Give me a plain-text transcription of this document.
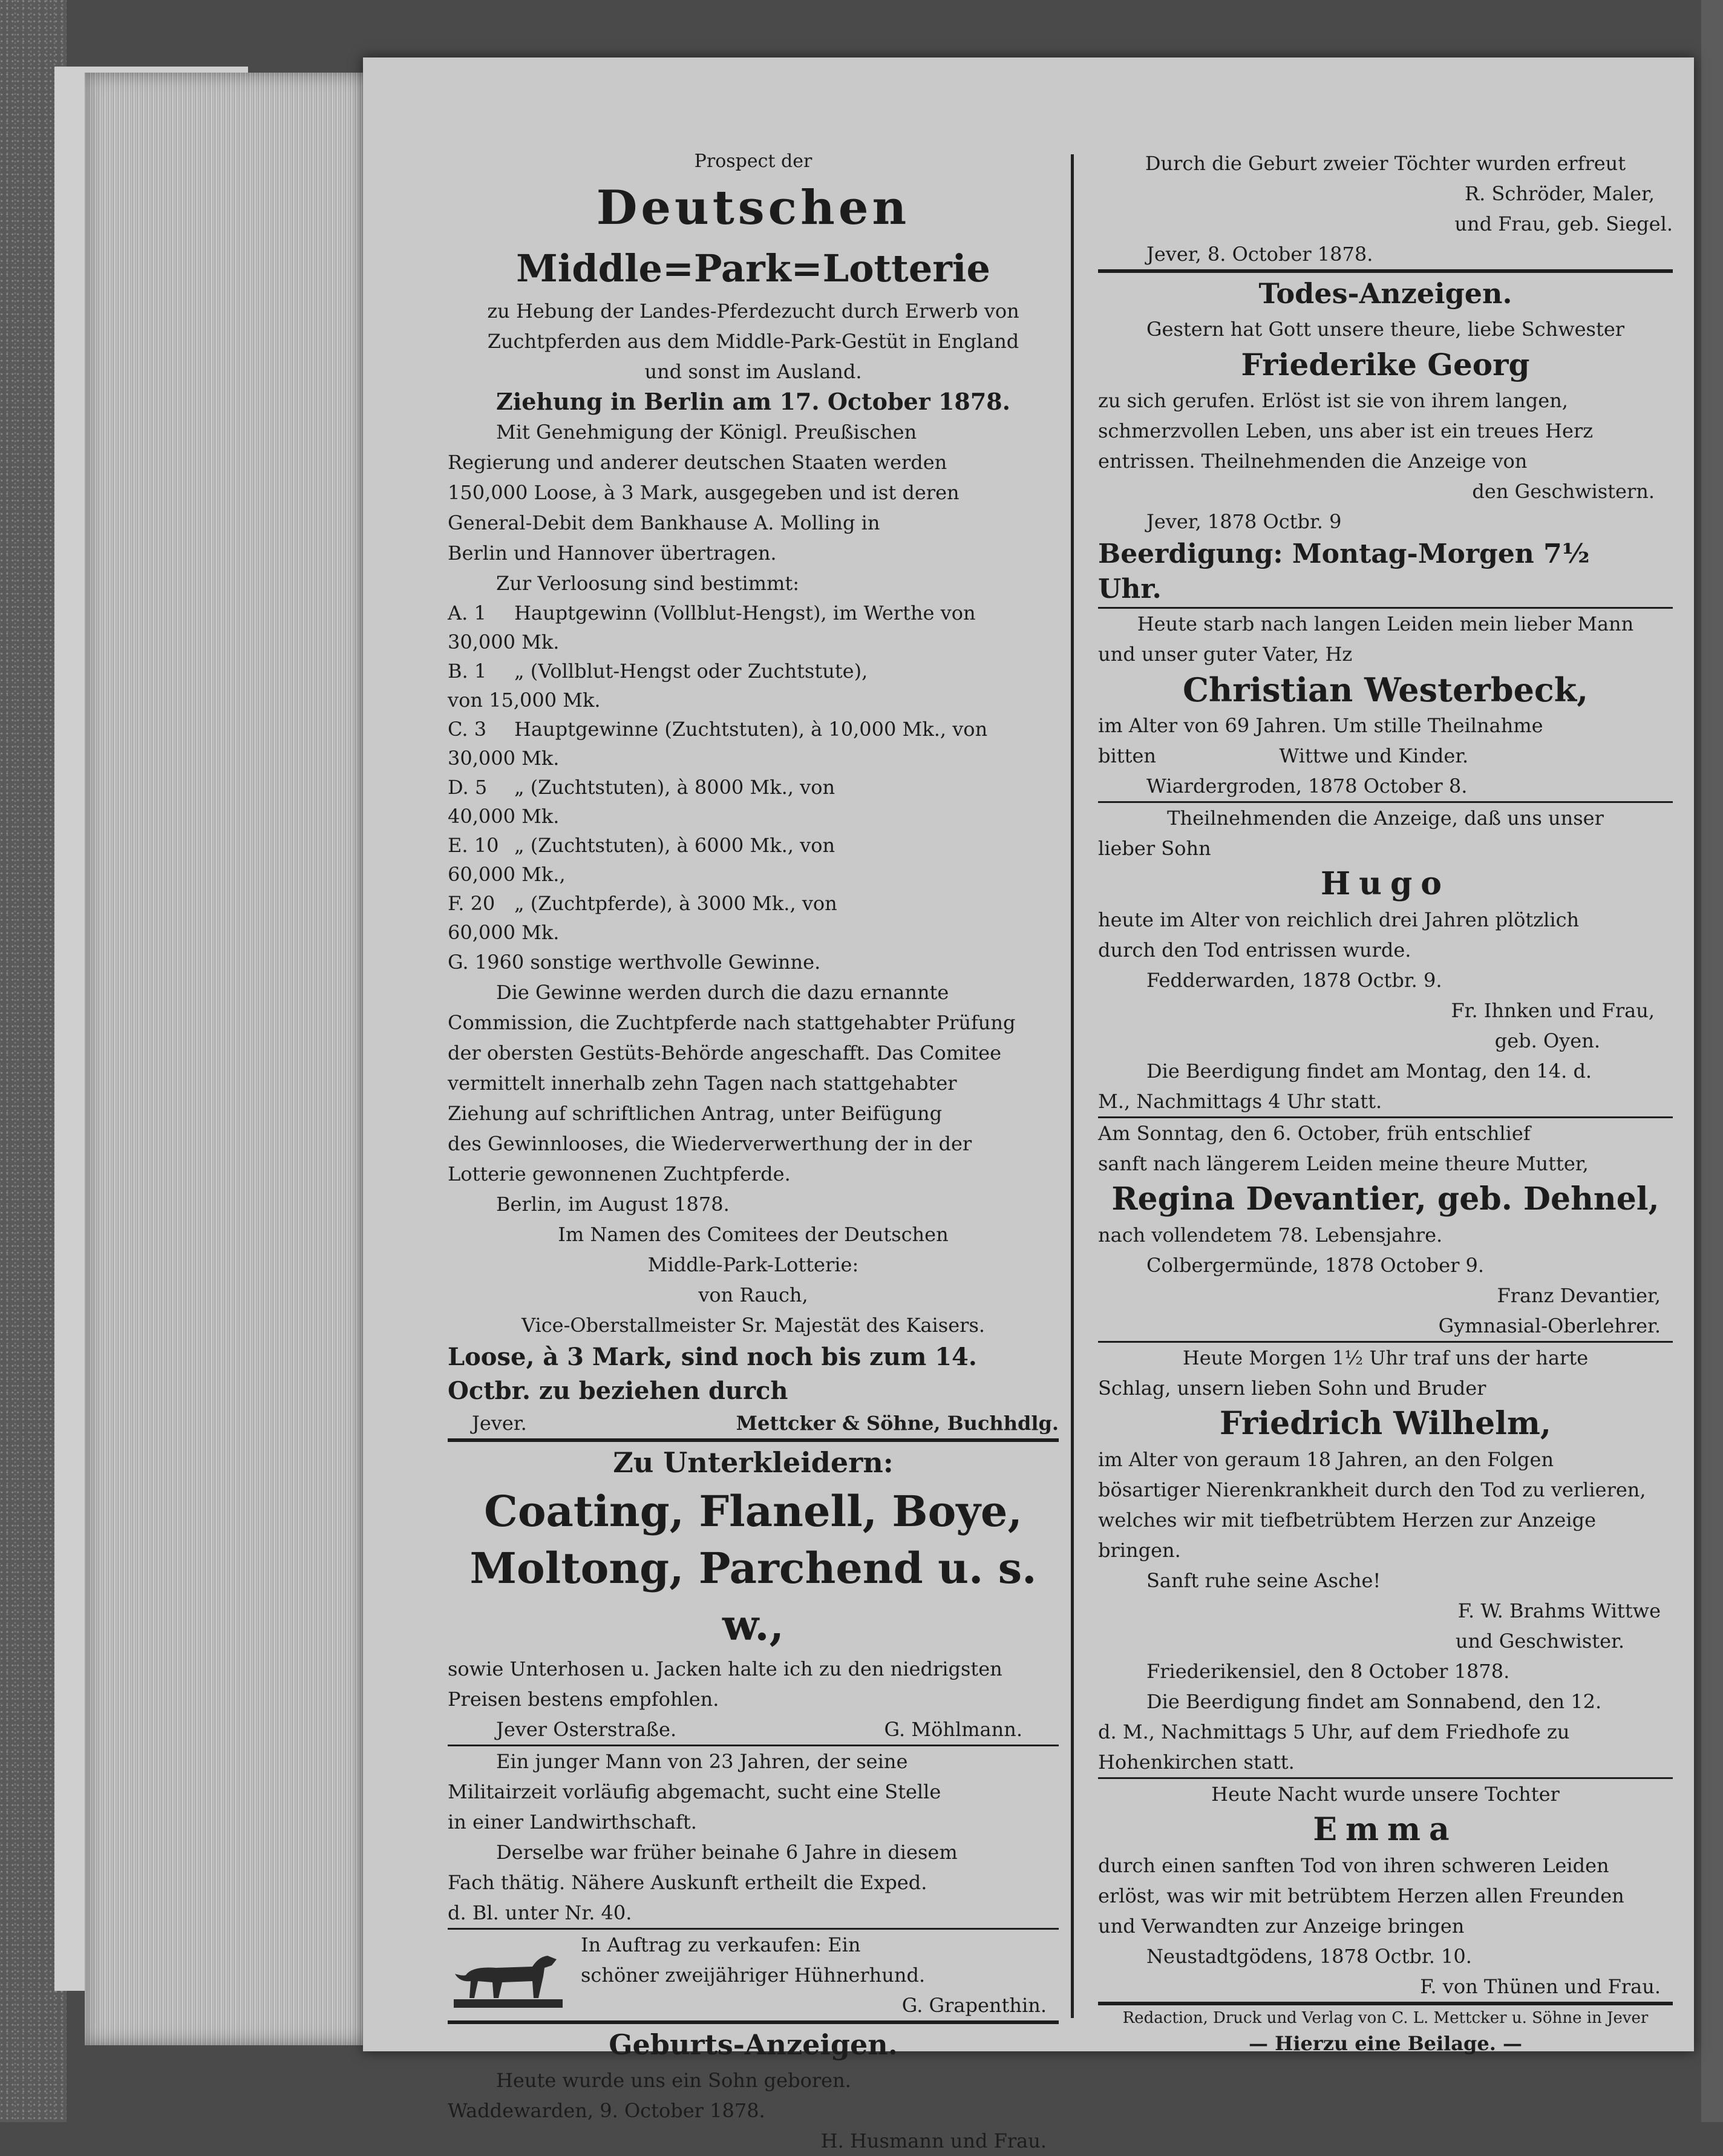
Prospect der
Deutschen
Middle=Park=Lotterie
zu Hebung der Landes-Pferdezucht durch Erwerb von
Zuchtpferden aus dem Middle-Park-Gestüt in England
und sonst im Ausland.
Ziehung in Berlin am 17. October 1878.
Mit Genehmigung der Königl. Preußischen
Regierung und anderer deutschen Staaten werden
150,000 Loose, à 3 Mark, ausgegeben und ist deren
General-Debit dem Bankhause A. Molling in
Berlin und Hannover übertragen.
Zur Verloosung sind bestimmt:
A. 1	Hauptgewinn (Vollblut-Hengst), im Werthe von
30,000 Mk.
B. 1	„ (Vollblut-Hengst oder Zuchtstute),
von 15,000 Mk.
C. 3	Hauptgewinne (Zuchtstuten), à 10,000 Mk., von
30,000 Mk.
D. 5	„ (Zuchtstuten), à 8000 Mk., von
40,000 Mk.
E. 10 „ (Zuchtstuten), à 6000 Mk., von
60,000 Mk.,
F. 20 „ (Zuchtpferde), à 3000 Mk., von
60,000 Mk.
G. 1960 sonstige werthvolle Gewinne.
Die Gewinne werden durch die dazu ernannte
Commission, die Zuchtpferde nach stattgehabter Prüfung
der obersten Gestüts-Behörde angeschafft. Das Comitee
vermittelt innerhalb zehn Tagen nach stattgehabter
Ziehung auf schriftlichen Antrag, unter Beifügung
des Gewinnlooses, die Wiederverwerthung der in der
Lotterie gewonnenen Zuchtpferde.
Berlin, im August 1878.
Im Namen des Comitees der Deutschen
Middle-Park-Lotterie:
von Rauch,
Vice-Oberstallmeister Sr. Majestät des Kaisers.
Loose, à 3 Mark, sind noch bis zum 14.
Octbr. zu beziehen durch
Jever.	Mettcker & Söhne, Buchhdlg.
Zu Unterkleidern:
Coating, Flanell, Boye,
Moltong, Parchend u. s. w.,
sowie Unterhosen u. Jacken halte ich zu den niedrigsten
Preisen bestens empfohlen.
Jever Osterstraße.	G. Möhlmann.
Ein junger Mann von 23 Jahren, der seine
Militairzeit vorläufig abgemacht, sucht eine Stelle
in einer Landwirthschaft.
Derselbe war früher beinahe 6 Jahre in diesem
Fach thätig. Nähere Auskunft ertheilt die Exped.
d. Bl. unter Nr. 40.
In Auftrag zu verkaufen: Ein
schöner zweijähriger Hühnerhund.
G. Grapenthin.
Geburts-Anzeigen.
Heute wurde uns ein Sohn geboren.
Waddewarden, 9. October 1878.
H. Husmann und Frau.
Durch die Geburt zweier Töchter wurden erfreut
R. Schröder, Maler,
und Frau, geb. Siegel.
Jever, 8. October 1878.
Todes-Anzeigen.
Gestern hat Gott unsere theure, liebe Schwester
Friederike Georg
zu sich gerufen. Erlöst ist sie von ihrem langen,
schmerzvollen Leben, uns aber ist ein treues Herz
entrissen. Theilnehmenden die Anzeige von
den Geschwistern.
Jever, 1878 Octbr. 9
Beerdigung: Montag-Morgen 7½
Uhr.
Heute starb nach langen Leiden mein lieber Mann
und unser guter Vater, Hz
Christian Westerbeck,
im Alter von 69 Jahren. Um stille Theilnahme
bitten                    Wittwe und Kinder.
Wiardergroden, 1878 October 8.
Theilnehmenden die Anzeige, daß uns unser
lieber Sohn
Hugo
heute im Alter von reichlich drei Jahren plötzlich
durch den Tod entrissen wurde.
Fedderwarden, 1878 Octbr. 9.
Fr. Ihnken und Frau,
geb. Oyen.
Die Beerdigung findet am Montag, den 14. d.
M., Nachmittags 4 Uhr statt.
Am Sonntag, den 6. October, früh entschlief
sanft nach längerem Leiden meine theure Mutter,
Regina Devantier, geb. Dehnel,
nach vollendetem 78. Lebensjahre.
Colbergermünde, 1878 October 9.
Franz Devantier,
Gymnasial-Oberlehrer.
Heute Morgen 1½ Uhr traf uns der harte
Schlag, unsern lieben Sohn und Bruder
Friedrich Wilhelm,
im Alter von gerаum 18 Jahren, an den Folgen
bösartiger Nierenkrankheit durch den Tod zu verlieren,
welches wir mit tiefbetrübtem Herzen zur Anzeige
bringen.
Sanft ruhe seine Asche!
F. W. Brahms Wittwe
und Geschwister.
Friederikensiel, den 8 October 1878.
Die Beerdigung findet am Sonnabend, den 12.
d. M., Nachmittags 5 Uhr, auf dem Friedhofe zu
Hohenkirchen statt.
Heute Nacht wurde unsere Tochter
Emma
durch einen sanften Tod von ihren schweren Leiden
erlöst, was wir mit betrübtem Herzen allen Freunden
und Verwandten zur Anzeige bringen
Neustadtgödens, 1878 Octbr. 10.
F. von Thünen und Frau.
Redaction, Druck und Verlag von C. L. Mettcker u. Söhne in Jever
— Hierzu eine Beilage. —
